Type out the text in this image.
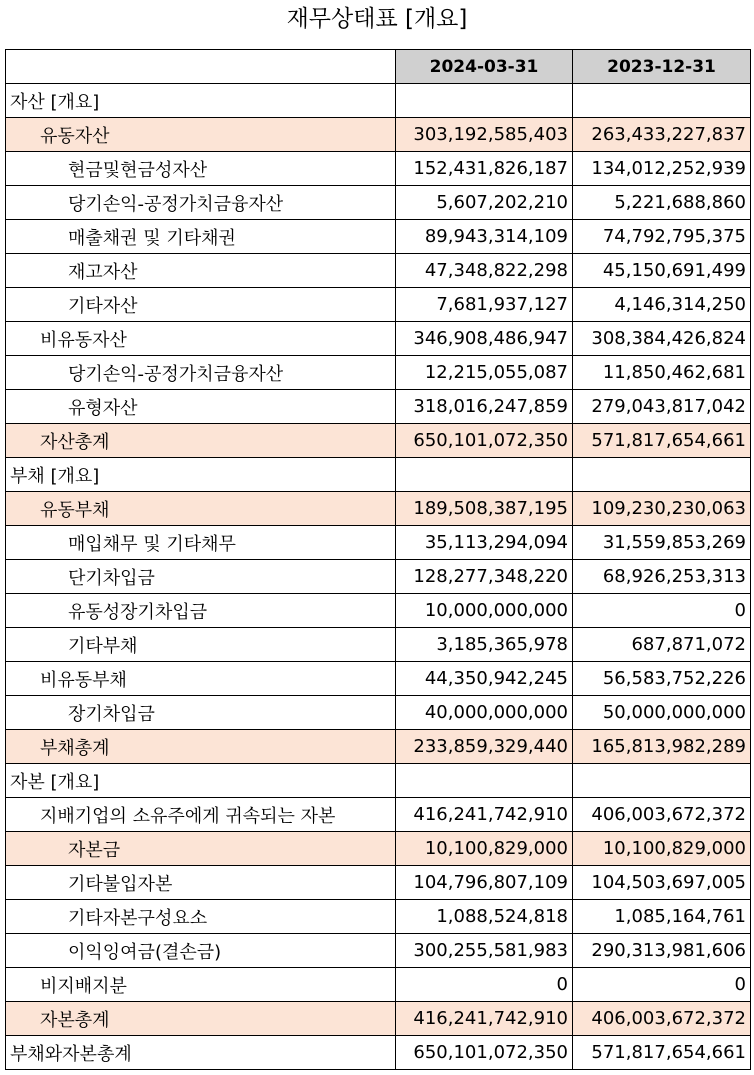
재무상태표 [개요]
	2024-03-31	2023-12-31
자산 [개요]		
유동자산	303,192,585,403	263,433,227,837
현금및현금성자산	152,431,826,187	134,012,252,939
당기손익-공정가치금융자산	5,607,202,210	5,221,688,860
매출채권 및 기타채권	89,943,314,109	74,792,795,375
재고자산	47,348,822,298	45,150,691,499
기타자산	7,681,937,127	4,146,314,250
비유동자산	346,908,486,947	308,384,426,824
당기손익-공정가치금융자산	12,215,055,087	11,850,462,681
유형자산	318,016,247,859	279,043,817,042
자산총계	650,101,072,350	571,817,654,661
부채 [개요]		
유동부채	189,508,387,195	109,230,230,063
매입채무 및 기타채무	35,113,294,094	31,559,853,269
단기차입금	128,277,348,220	68,926,253,313
유동성장기차입금	10,000,000,000	0
기타부채	3,185,365,978	687,871,072
비유동부채	44,350,942,245	56,583,752,226
장기차입금	40,000,000,000	50,000,000,000
부채총계	233,859,329,440	165,813,982,289
자본 [개요]		
지배기업의 소유주에게 귀속되는 자본	416,241,742,910	406,003,672,372
자본금	10,100,829,000	10,100,829,000
기타불입자본	104,796,807,109	104,503,697,005
기타자본구성요소	1,088,524,818	1,085,164,761
이익잉여금(결손금)	300,255,581,983	290,313,981,606
비지배지분	0	0
자본총계	416,241,742,910	406,003,672,372
부채와자본총계	650,101,072,350	571,817,654,661
